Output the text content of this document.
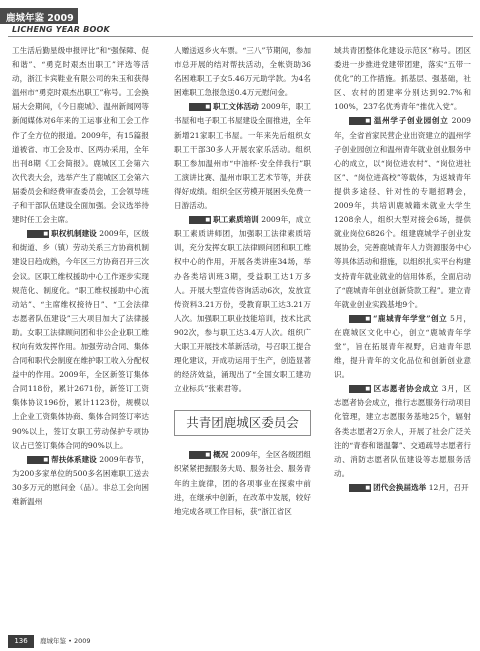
鹿城年鉴 2009
LICHENG YEAR BOOK

工生活后勤星级申报评比”和“强保障、促和谐”、“勇克时艰杰出职工”评选等活动，浙江卡宾鞋业有限公司的朱玉和获得温州市“勇克时艰杰出职工”称号。工会换届大会期间，《今日鹿城》、温州新闻网等新闻媒体对6年来的工运事业和工会工作作了全方位的报道。2009年，有15篇报道被省、市工会及市、区两办采用，全年出刊8期《工会简报》。鹿城区工会第六次代表大会，选举产生了鹿城区工会第六届委员会和经费审查委员会，工会领导班子和干部队伍建设全面加强。会议选举待建时任工会主席。

■ 职权机制建设 2009年，区级和街道、乡（镇）劳动关系三方协商机制建设日趋成熟，今年区三方协商召开三次会议。区职工维权援助中心工作逐步实现规范化、制度化。“职工维权援助中心流动站”、“主席维权接待日”、“工会法律志愿者队伍建设”三大项目加大了法律援助。女职工法律顾问团和非公企业职工维权向有效发挥作用。加强劳动合同、集体合同和职代会制度在维护职工收入分配权益中的作用。2009年，全区新签订集体合同118份，累计2671份，新签订工资集体协议196份，累计1123份，规模以上企业工资集体协商、集体合同签订率达90%以上，签订女职工劳动保护专项协议占已签订集体合同的90%以上。

■ 帮扶体系建设 2009年春节，为200多家单位的500多名困难职工送去30多万元的慰问金（品）。非总工会向困难新温州

人赠送返乡火车票。“三八”节期间，参加市总开展的结对帮扶活动，全帐资助36名困难职工子女5.46万元助学款。为4名困难职工急报急送0.4万元慰问金。

■ 职工文体活动 2009年，职工书屋和电子职工书屋建设全面推进，全年新增21家职工书屋。一年来先后组织女职工干部30多人开展农家乐活动。组织职工参加温州市“中油杯·安全伴我行”职工演讲比赛、温州市职工艺术节等，并获得好成绩。组织全区劳模开展困头免费一日游活动。

■ 职工素质培训 2009年，成立职工素质讲师团，加强职工法律素质培训，充分发挥女职工法律顾问团和职工维权中心的作用，开展各类讲座34场，举办各类培训班3期，受益职工达1万多人。开展大型宣传咨询活动6次，发放宣传资料3.21万份，受教育职工达3.21万人次。加强职工职业技能培训，技术比武902次，参与职工达3.4万人次。组织广大职工开展技术革新活动，号召职工提合理化建议，开成功运用于生产，创造显著的经济效益，涌现出了“全国女职工建功立业标兵”张素君等。

共青团鹿城区委员会

■ 概况 2009年，全区各级团组织紧紧把握服务大局、服务社会、服务青年的主旋律，团的各项事业在探索中前进，在继承中创新，在改革中发展，较好地完成各项工作目标，获“浙江省区

域共青团整体化建设示范区”称号。团区委进一步推进党建带团建，落实“五带一优化”的工作措施。抓基层、强基础，社区、农村的团建率分别达到92.7%和100%，237名优秀青年“推优入党”。

■ 温州学子创业园创立 2009年，全省首家民营企业出资建立的温州学子创业园创立和温州青年就业创业服务中心的成立，以“岗位进农村”、“岗位进社区”、“岗位进高校”等载体，为返城青年提供多途径、针对性的专题招聘会，2009年，共培训鹿城籍未就业大学生1208余人，组织大型对接会6场，提供就业岗位6826个。组建鹿城学子创业发展协会，完善鹿城青年人力资源服务中心等具体活动和措施，以组织扎实平台构建支持青年就业就业的信用体系，全面启动了“鹿城青年创业创新贷款工程”。建立青年就业创业实践基地9个。

■ “鹿城青年学堂”创立 5月，在鹿城区文化中心，创立“鹿城青年学堂”，旨在拓展青年视野，启迪青年思维，提升青年的文化品位和创新创业意识。

■ 区志愿者协会成立 3月，区志愿者协会成立，推行志愿服务行动项目化管理，建立志愿服务基地25个，辐射各类志愿者2万余人，开展了社会广泛关注的“青春和谐温馨”、交通疏导志愿者行动、消防志愿者队伍建设等志愿服务活动。

■ 团代会换届选举 12月，召开

136	鹿城年鉴 • 2009
